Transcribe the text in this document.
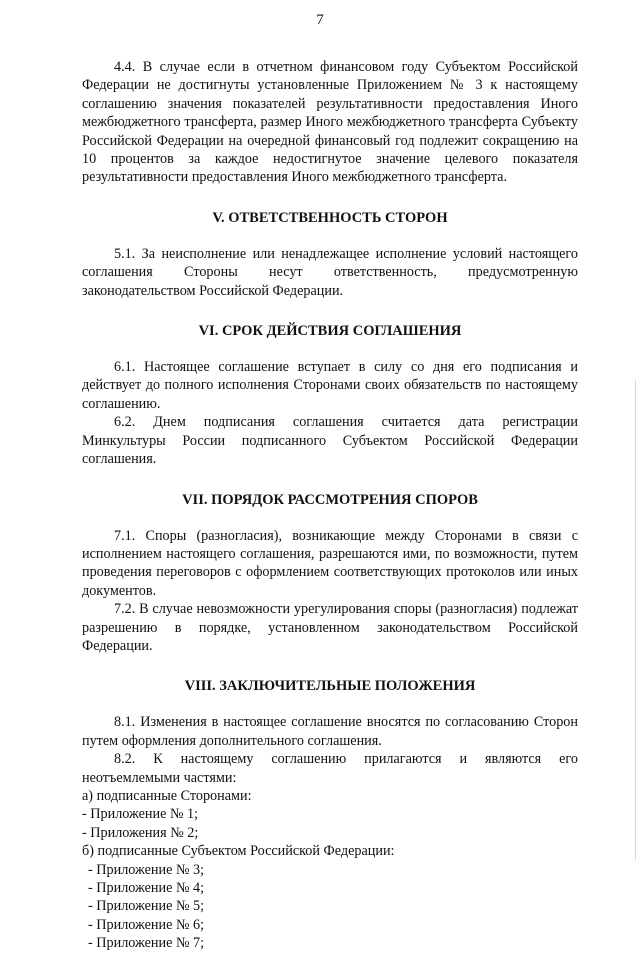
7

4.4. В случае если в отчетном финансовом году Субъектом Российской Федерации не достигнуты установленные Приложением № 3 к настоящему соглашению значения показателей результативности предоставления Иного межбюджетного трансферта, размер Иного межбюджетного трансферта Субъекту Российской Федерации на очередной финансовый год подлежит сокращению на 10 процентов за каждое недостигнутое значение целевого показателя результативности предоставления Иного межбюджетного трансферта.

V. ОТВЕТСТВЕННОСТЬ СТОРОН

5.1. За неисполнение или ненадлежащее исполнение условий настоящего соглашения Стороны несут ответственность, предусмотренную законодательством Российской Федерации.

VI. СРОК ДЕЙСТВИЯ СОГЛАШЕНИЯ

6.1. Настоящее соглашение вступает в силу со дня его подписания и действует до полного исполнения Сторонами своих обязательств по настоящему соглашению.

6.2. Днем подписания соглашения считается дата регистрации Минкультуры России подписанного Субъектом Российской Федерации соглашения.

VII. ПОРЯДОК РАССМОТРЕНИЯ СПОРОВ

7.1. Споры (разногласия), возникающие между Сторонами в связи с исполнением настоящего соглашения, разрешаются ими, по возможности, путем проведения переговоров с оформлением соответствующих протоколов или иных документов.

7.2. В случае невозможности урегулирования споры (разногласия) подлежат разрешению в порядке, установленном законодательством Российской Федерации.

VIII. ЗАКЛЮЧИТЕЛЬНЫЕ ПОЛОЖЕНИЯ

8.1. Изменения в настоящее соглашение вносятся по согласованию Сторон путем оформления дополнительного соглашения.

8.2. К настоящему соглашению прилагаются и являются его неотъемлемыми частями:

а) подписанные Сторонами:

- Приложение № 1;

- Приложения № 2;

б) подписанные Субъектом Российской Федерации:

- Приложение № 3;

- Приложение № 4;

- Приложение № 5;

- Приложение № 6;

- Приложение № 7;
